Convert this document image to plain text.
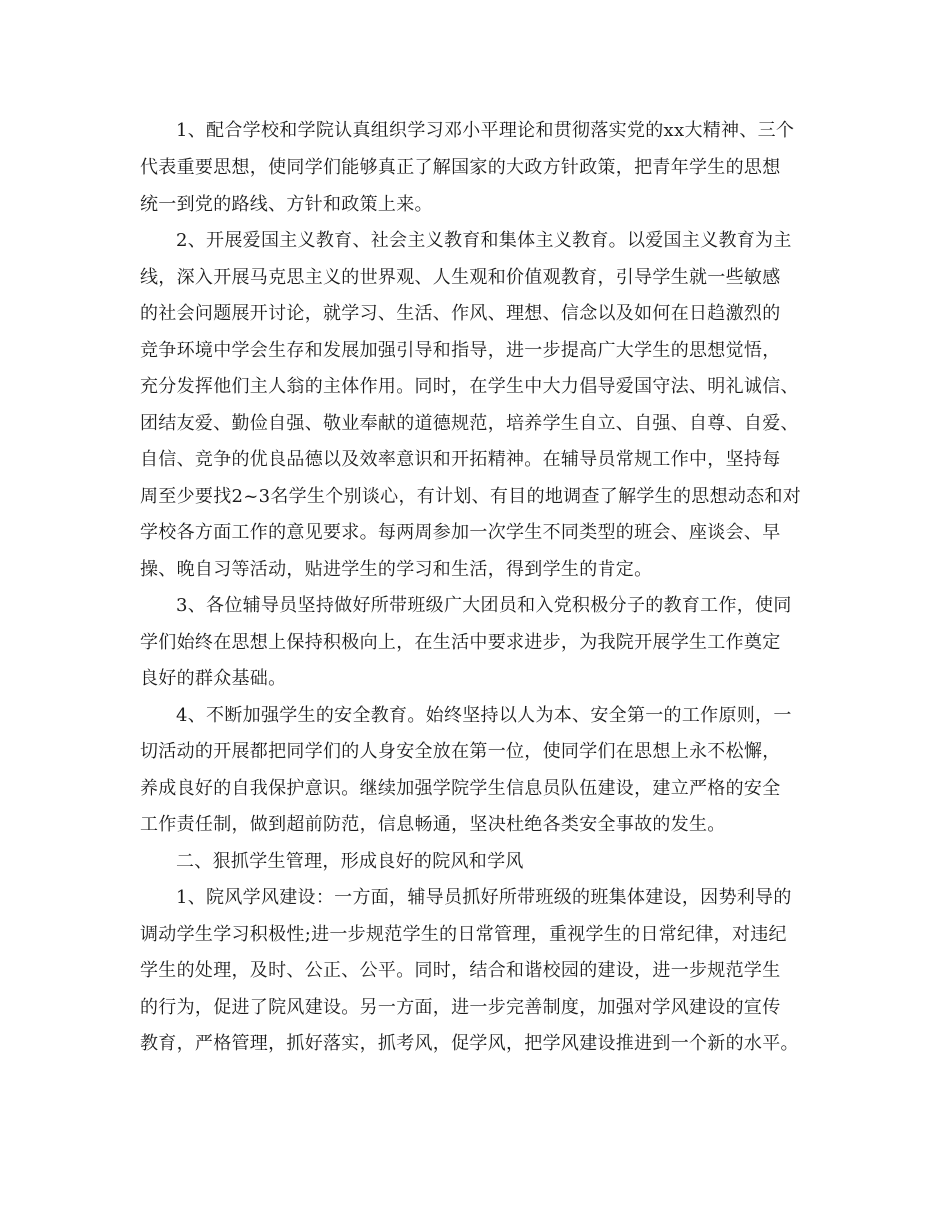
1、配合学校和学院认真组织学习邓小平理论和贯彻落实党的xx大精神、三个
代表重要思想，使同学们能够真正了解国家的大政方针政策，把青年学生的思想
统一到党的路线、方针和政策上来。
2、开展爱国主义教育、社会主义教育和集体主义教育。以爱国主义教育为主
线，深入开展马克思主义的世界观、人生观和价值观教育，引导学生就一些敏感
的社会问题展开讨论，就学习、生活、作风、理想、信念以及如何在日趋激烈的
竞争环境中学会生存和发展加强引导和指导，进一步提高广大学生的思想觉悟，
充分发挥他们主人翁的主体作用。同时，在学生中大力倡导爱国守法、明礼诚信、
团结友爱、勤俭自强、敬业奉献的道德规范，培养学生自立、自强、自尊、自爱、
自信、竞争的优良品德以及效率意识和开拓精神。在辅导员常规工作中，坚持每
周至少要找2~3名学生个别谈心，有计划、有目的地调查了解学生的思想动态和对
学校各方面工作的意见要求。每两周参加一次学生不同类型的班会、座谈会、早
操、晚自习等活动，贴进学生的学习和生活，得到学生的肯定。
3、各位辅导员坚持做好所带班级广大团员和入党积极分子的教育工作，使同
学们始终在思想上保持积极向上，在生活中要求进步，为我院开展学生工作奠定
良好的群众基础。
4、不断加强学生的安全教育。始终坚持以人为本、安全第一的工作原则，一
切活动的开展都把同学们的人身安全放在第一位，使同学们在思想上永不松懈，
养成良好的自我保护意识。继续加强学院学生信息员队伍建设，建立严格的安全
工作责任制，做到超前防范，信息畅通，坚决杜绝各类安全事故的发生。
二、狠抓学生管理，形成良好的院风和学风
1、院风学风建设：一方面，辅导员抓好所带班级的班集体建设，因势利导的
调动学生学习积极性;进一步规范学生的日常管理，重视学生的日常纪律，对违纪
学生的处理，及时、公正、公平。同时，结合和谐校园的建设，进一步规范学生
的行为，促进了院风建设。另一方面，进一步完善制度，加强对学风建设的宣传
教育，严格管理，抓好落实，抓考风，促学风，把学风建设推进到一个新的水平。
